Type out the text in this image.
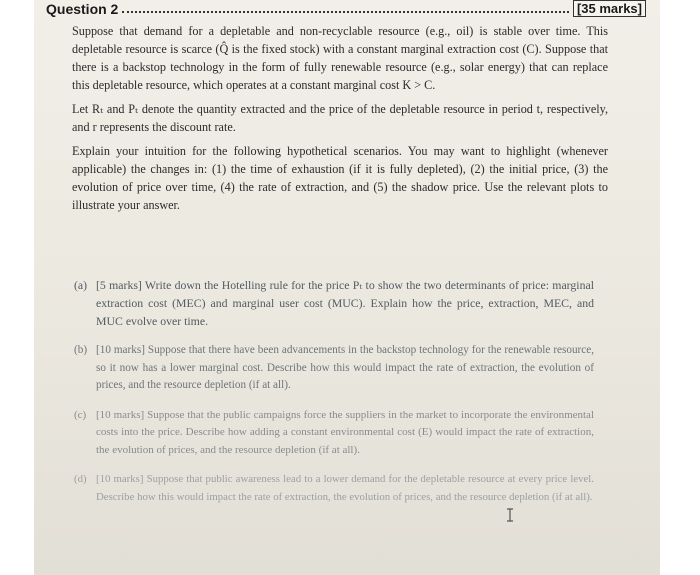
Question 2	[35 marks]

Suppose that demand for a depletable and non-recyclable resource (e.g., oil) is stable over time. This depletable resource is scarce (Q̂ is the fixed stock) with a constant marginal extraction cost (C). Suppose that there is a backstop technology in the form of fully renewable resource (e.g., solar energy) that can replace this depletable resource, which operates at a constant marginal cost K > C.

Let Rₜ and Pₜ denote the quantity extracted and the price of the depletable resource in period t, respectively, and r represents the discount rate.

Explain your intuition for the following hypothetical scenarios. You may want to highlight (whenever applicable) the changes in: (1) the time of exhaustion (if it is fully depleted), (2) the initial price, (3) the evolution of price over time, (4) the rate of extraction, and (5) the shadow price. Use the relevant plots to illustrate your answer.

(a) [5 marks] Write down the Hotelling rule for the price Pₜ to show the two determinants of price: marginal extraction cost (MEC) and marginal user cost (MUC). Explain how the price, extraction, MEC, and MUC evolve over time.
(b) [10 marks] Suppose that there have been advancements in the backstop technology for the renewable resource, so it now has a lower marginal cost. Describe how this would impact the rate of extraction, the evolution of prices, and the resource depletion (if at all).
(c) [10 marks] Suppose that the public campaigns force the suppliers in the market to incorporate the environmental costs into the price. Describe how adding a constant environmental cost (E) would impact the rate of extraction, the evolution of prices, and the resource depletion (if at all).
(d) [10 marks] Suppose that public awareness lead to a lower demand for the depletable resource at every price level. Describe how this would impact the rate of extraction, the evolution of prices, and the resource depletion (if at all).
